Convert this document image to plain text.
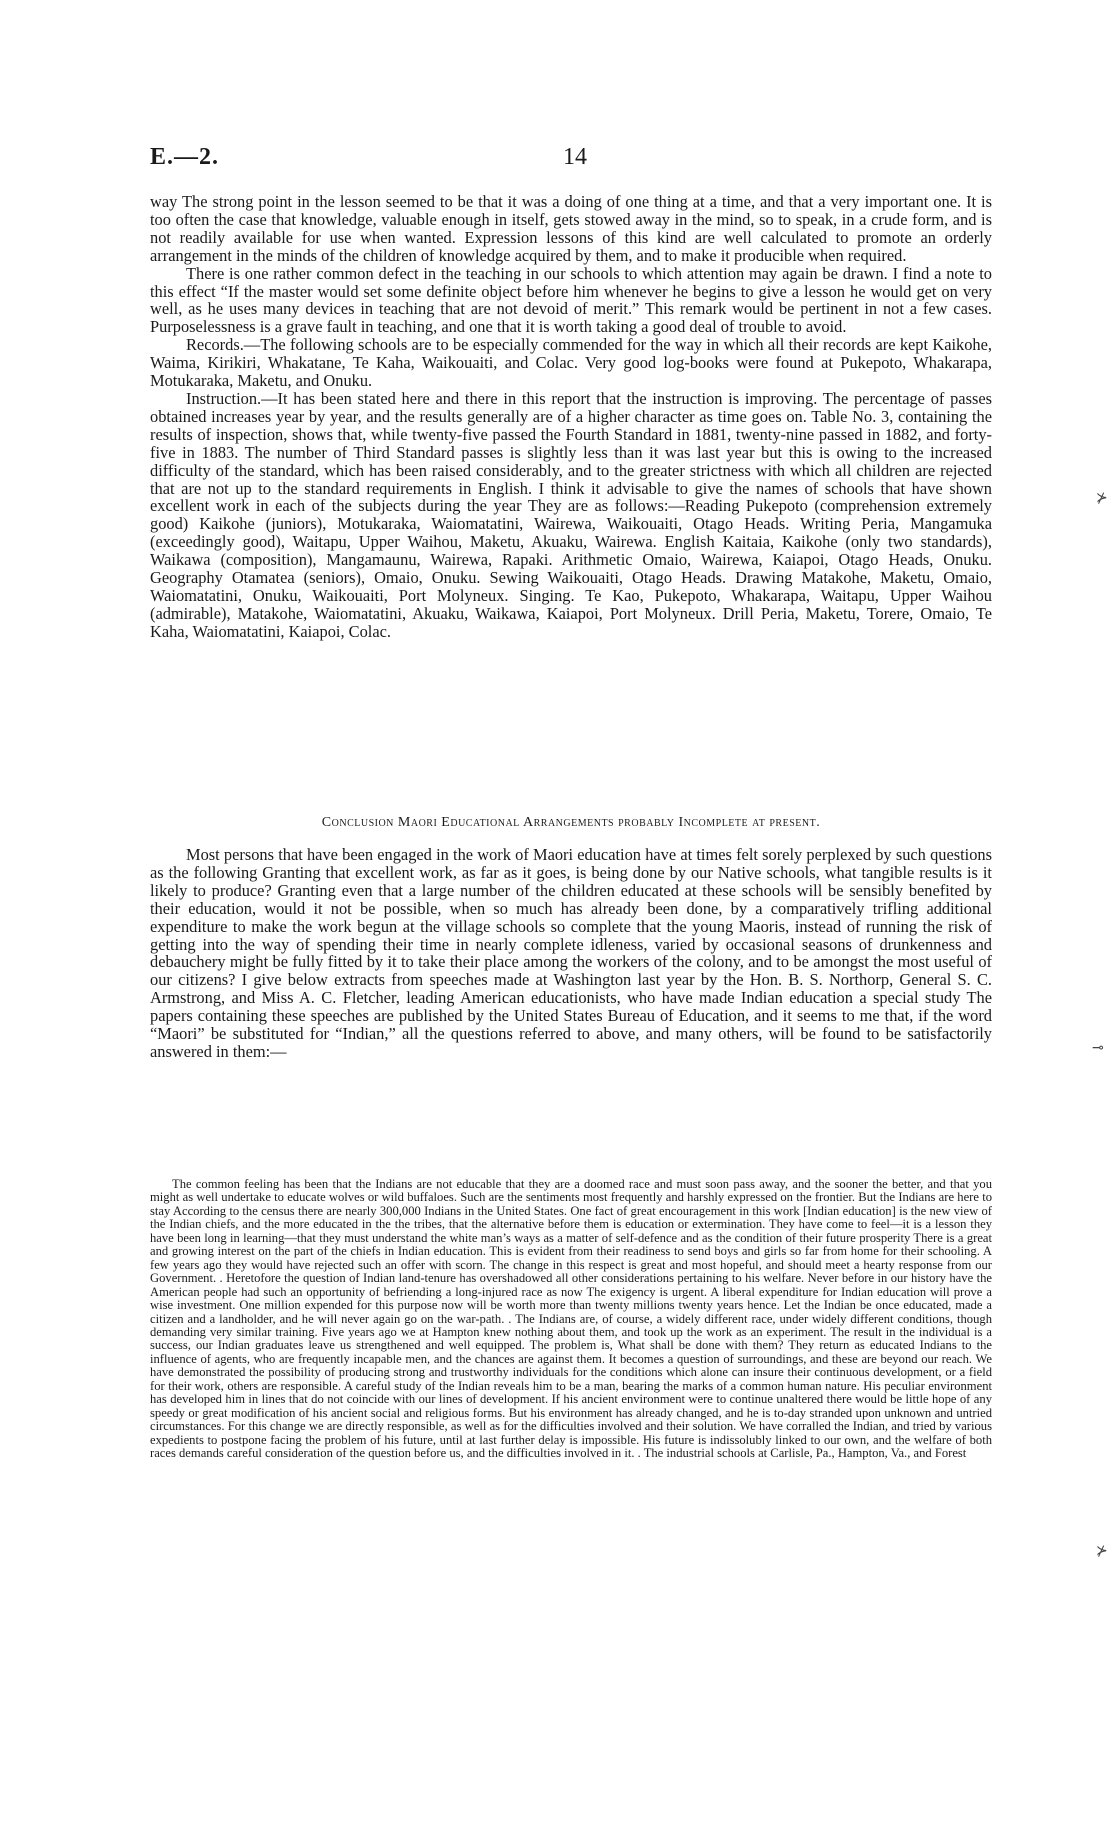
E.—2.	14

way The strong point in the lesson seemed to be that it was a doing of one thing at a time, and that a very important one. It is too often the case that knowledge, valuable enough in itself, gets stowed away in the mind, so to speak, in a crude form, and is not readily available for use when wanted. Expression lessons of this kind are well calculated to promote an orderly arrangement in the minds of the children of knowledge acquired by them, and to make it producible when required.

There is one rather common defect in the teaching in our schools to which attention may again be drawn. I find a note to this effect “If the master would set some definite object before him whenever he begins to give a lesson he would get on very well, as he uses many devices in teaching that are not devoid of merit.” This remark would be pertinent in not a few cases. Purposelessness is a grave fault in teaching, and one that it is worth taking a good deal of trouble to avoid.

Records.—The following schools are to be especially commended for the way in which all their records are kept Kaikohe, Waima, Kirikiri, Whakatane, Te Kaha, Waikouaiti, and Colac. Very good log-books were found at Pukepoto, Whakarapa, Motukaraka, Maketu, and Onuku.

Instruction.—It has been stated here and there in this report that the instruction is improving. The percentage of passes obtained increases year by year, and the results generally are of a higher character as time goes on. Table No. 3, containing the results of inspection, shows that, while twenty-five passed the Fourth Standard in 1881, twenty-nine passed in 1882, and forty-five in 1883. The number of Third Standard passes is slightly less than it was last year but this is owing to the increased difficulty of the standard, which has been raised considerably, and to the greater strictness with which all children are rejected that are not up to the standard requirements in English. I think it advisable to give the names of schools that have shown excellent work in each of the subjects during the year They are as follows:—Reading Pukepoto (comprehension extremely good) Kaikohe (juniors), Motukaraka, Waiomatatini, Wairewa, Waikouaiti, Otago Heads. Writing Peria, Mangamuka (exceedingly good), Waitapu, Upper Waihou, Maketu, Akuaku, Wairewa. English Kaitaia, Kaikohe (only two standards), Waikawa (composition), Mangamaunu, Wairewa, Rapaki. Arithmetic Omaio, Wairewa, Kaiapoi, Otago Heads, Onuku. Geography Otamatea (seniors), Omaio, Onuku. Sewing Waikouaiti, Otago Heads. Drawing Matakohe, Maketu, Omaio, Waiomatatini, Onuku, Waikouaiti, Port Molyneux. Singing. Te Kao, Pukepoto, Whakarapa, Waitapu, Upper Waihou (admirable), Matakohe, Waiomatatini, Akuaku, Waikawa, Kaiapoi, Port Molyneux. Drill Peria, Maketu, Torere, Omaio, Te Kaha, Waiomatatini, Kaiapoi, Colac.

Conclusion Maori Educational Arrangements probably Incomplete at present.

Most persons that have been engaged in the work of Maori education have at times felt sorely perplexed by such questions as the following Granting that excellent work, as far as it goes, is being done by our Native schools, what tangible results is it likely to produce? Granting even that a large number of the children educated at these schools will be sensibly benefited by their education, would it not be possible, when so much has already been done, by a comparatively trifling additional expenditure to make the work begun at the village schools so complete that the young Maoris, instead of running the risk of getting into the way of spending their time in nearly complete idleness, varied by occasional seasons of drunkenness and debauchery might be fully fitted by it to take their place among the workers of the colony, and to be amongst the most useful of our citizens? I give below extracts from speeches made at Washington last year by the Hon. B. S. Northorp, General S. C. Armstrong, and Miss A. C. Fletcher, leading American educationists, who have made Indian education a special study The papers containing these speeches are published by the United States Bureau of Education, and it seems to me that, if the word “Maori” be substituted for “Indian,” all the questions referred to above, and many others, will be found to be satisfactorily answered in them:—

The common feeling has been that the Indians are not educable that they are a doomed race and must soon pass away, and the sooner the better, and that you might as well undertake to educate wolves or wild buffaloes. Such are the sentiments most frequently and harshly expressed on the frontier. But the Indians are here to stay According to the census there are nearly 300,000 Indians in the United States. One fact of great encouragement in this work [Indian education] is the new view of the Indian chiefs, and the more educated in the the tribes, that the alternative before them is education or extermination. They have come to feel—it is a lesson they have been long in learning—that they must understand the white man’s ways as a matter of self-defence and as the condition of their future prosperity There is a great and growing interest on the part of the chiefs in Indian education. This is evident from their readiness to send boys and girls so far from home for their schooling. A few years ago they would have rejected such an offer with scorn. The change in this respect is great and most hopeful, and should meet a hearty response from our Government. . Heretofore the question of Indian land-tenure has overshadowed all other considerations pertaining to his welfare. Never before in our history have the American people had such an opportunity of befriending a long-injured race as now The exigency is urgent. A liberal expenditure for Indian education will prove a wise investment. One million expended for this purpose now will be worth more than twenty millions twenty years hence. Let the Indian be once educated, made a citizen and a landholder, and he will never again go on the war-path. . The Indians are, of course, a widely different race, under widely different conditions, though demanding very similar training. Five years ago we at Hampton knew nothing about them, and took up the work as an experiment. The result in the individual is a success, our Indian graduates leave us strengthened and well equipped. The problem is, What shall be done with them? They return as educated Indians to the influence of agents, who are frequently incapable men, and the chances are against them. It becomes a question of surroundings, and these are beyond our reach. We have demonstrated the possibility of producing strong and trustworthy individuals for the conditions which alone can insure their continuous development, or a field for their work, others are responsible. A careful study of the Indian reveals him to be a man, bearing the marks of a common human nature. His peculiar environment has developed him in lines that do not coincide with our lines of development. If his ancient environment were to continue unaltered there would be little hope of any speedy or great modification of his ancient social and religious forms. But his environment has already changed, and he is to-day stranded upon unknown and untried circumstances. For this change we are directly responsible, as well as for the difficulties involved and their solution. We have corralled the Indian, and tried by various expedients to postpone facing the problem of his future, until at last further delay is impossible. His future is indissolubly linked to our own, and the welfare of both races demands careful consideration of the question before us, and the difficulties involved in it. . The industrial schools at Carlisle, Pa., Hampton, Va., and Forest

⊁
⊸
⊁
